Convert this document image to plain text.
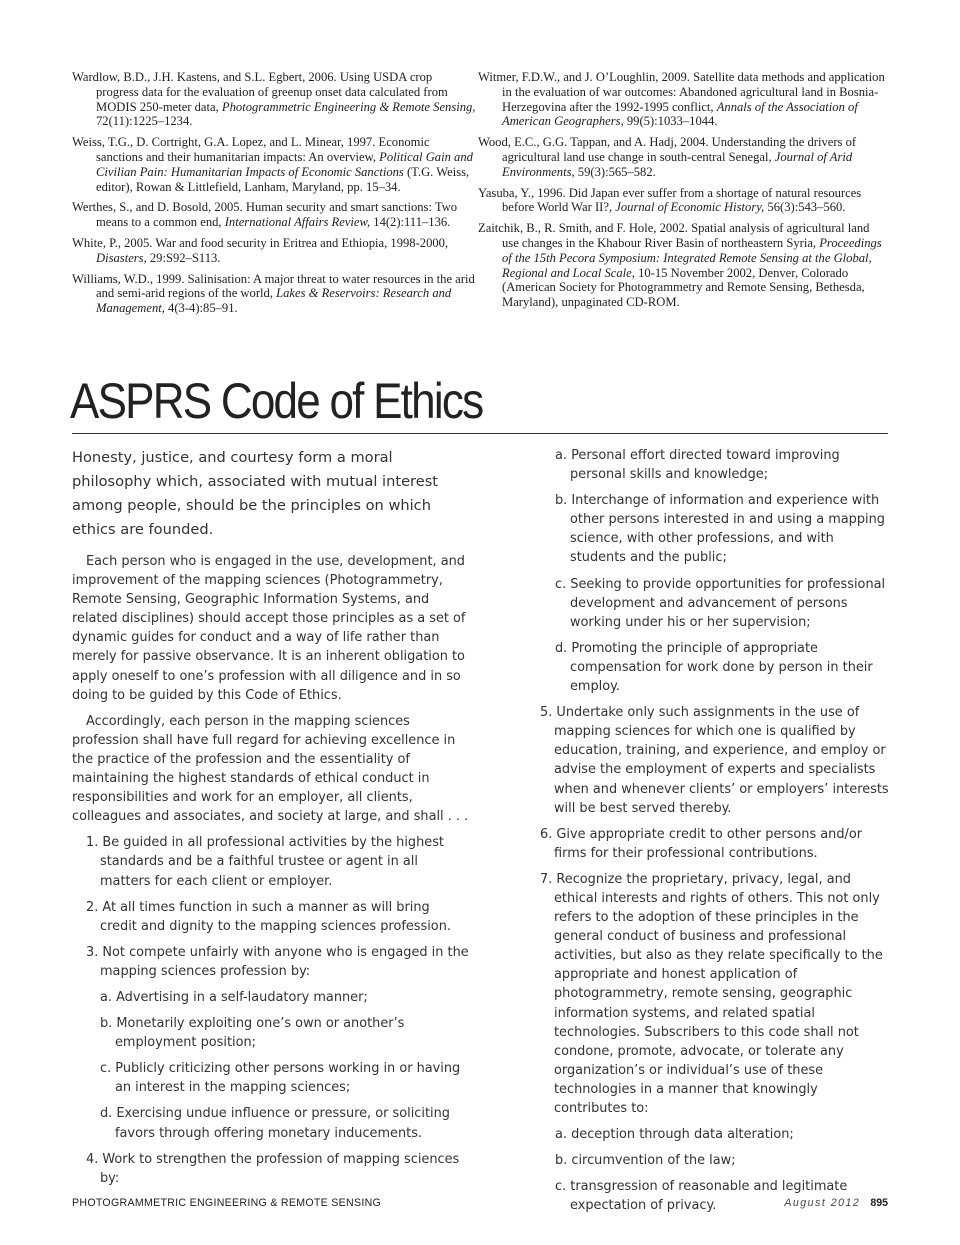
Wardlow, B.D., J.H. Kastens, and S.L. Egbert, 2006. Using USDA crop progress data for the evaluation of greenup onset data calculated from MODIS 250-meter data, Photogrammetric Engineering & Remote Sensing, 72(11):1225–1234.

Weiss, T.G., D. Cortright, G.A. Lopez, and L. Minear, 1997. Economic sanctions and their humanitarian impacts: An overview, Political Gain and Civilian Pain: Humanitarian Impacts of Economic Sanctions (T.G. Weiss, editor), Rowan & Littlefield, Lanham, Maryland, pp. 15–34.

Werthes, S., and D. Bosold, 2005. Human security and smart sanctions: Two means to a common end, International Affairs Review, 14(2):111–136.

White, P., 2005. War and food security in Eritrea and Ethiopia, 1998-2000, Disasters, 29:S92–S113.

Williams, W.D., 1999. Salinisation: A major threat to water resources in the arid and semi-arid regions of the world, Lakes & Reservoirs: Research and Management, 4(3-4):85–91.

Witmer, F.D.W., and J. O’Loughlin, 2009. Satellite data methods and application in the evaluation of war outcomes: Abandoned agricultural land in Bosnia-Herzegovina after the 1992-1995 conflict, Annals of the Association of American Geographers, 99(5):1033–1044.

Wood, E.C., G.G. Tappan, and A. Hadj, 2004. Understanding the drivers of agricultural land use change in south-central Senegal, Journal of Arid Environments, 59(3):565–582.

Yasuba, Y., 1996. Did Japan ever suffer from a shortage of natural resources before World War II?, Journal of Economic History, 56(3):543–560.

Zaitchik, B., R. Smith, and F. Hole, 2002. Spatial analysis of agricultural land use changes in the Khabour River Basin of northeastern Syria, Proceedings of the 15th Pecora Symposium: Integrated Remote Sensing at the Global, Regional and Local Scale, 10-15 November 2002, Denver, Colorado (American Society for Photogrammetry and Remote Sensing, Bethesda, Maryland), unpaginated CD-ROM.

ASPRS Code of Ethics

Honesty, justice, and courtesy form a moral philosophy which, associated with mutual interest among people, should be the principles on which ethics are founded.

Each person who is engaged in the use, development, and improvement of the mapping sciences (Photogrammetry, Remote Sensing, Geographic Information Systems, and related disciplines) should accept those principles as a set of dynamic guides for conduct and a way of life rather than merely for passive observance. It is an inherent obligation to apply oneself to one’s profession with all diligence and in so doing to be guided by this Code of Ethics.

Accordingly, each person in the mapping sciences profession shall have full regard for achieving excellence in the practice of the profession and the essentiality of maintaining the highest standards of ethical conduct in responsibilities and work for an employer, all clients, colleagues and associates, and society at large, and shall . . .

1. Be guided in all professional activities by the highest standards and be a faithful trustee or agent in all matters for each client or employer.

2. At all times function in such a manner as will bring credit and dignity to the mapping sciences profession.

3. Not compete unfairly with anyone who is engaged in the mapping sciences profession by:

a. Advertising in a self-laudatory manner;

b. Monetarily exploiting one’s own or another’s employment position;

c. Publicly criticizing other persons working in or having an interest in the mapping sciences;

d. Exercising undue influence or pressure, or soliciting favors through offering monetary inducements.

4. Work to strengthen the profession of mapping sciences by:

a. Personal effort directed toward improving personal skills and knowledge;

b. Interchange of information and experience with other persons interested in and using a mapping science, with other professions, and with students and the public;

c. Seeking to provide opportunities for professional development and advancement of persons working under his or her supervision;

d. Promoting the principle of appropriate compensation for work done by person in their employ.

5. Undertake only such assignments in the use of mapping sciences for which one is qualified by education, training, and experience, and employ or advise the employment of experts and specialists when and whenever clients’ or employers’ interests will be best served thereby.

6. Give appropriate credit to other persons and/or firms for their professional contributions.

7. Recognize the proprietary, privacy, legal, and ethical interests and rights of others. This not only refers to the adoption of these principles in the general conduct of business and professional activities, but also as they relate specifically to the appropriate and honest application of photogrammetry, remote sensing, geographic information systems, and related spatial technologies. Subscribers to this code shall not condone, promote, advocate, or tolerate any organization’s or individual’s use of these technologies in a manner that knowingly contributes to:

a. deception through data alteration;

b. circumvention of the law;

c. transgression of reasonable and legitimate expectation of privacy.

PHOTOGRAMMETRIC ENGINEERING & REMOTE SENSING	August 2012 895
